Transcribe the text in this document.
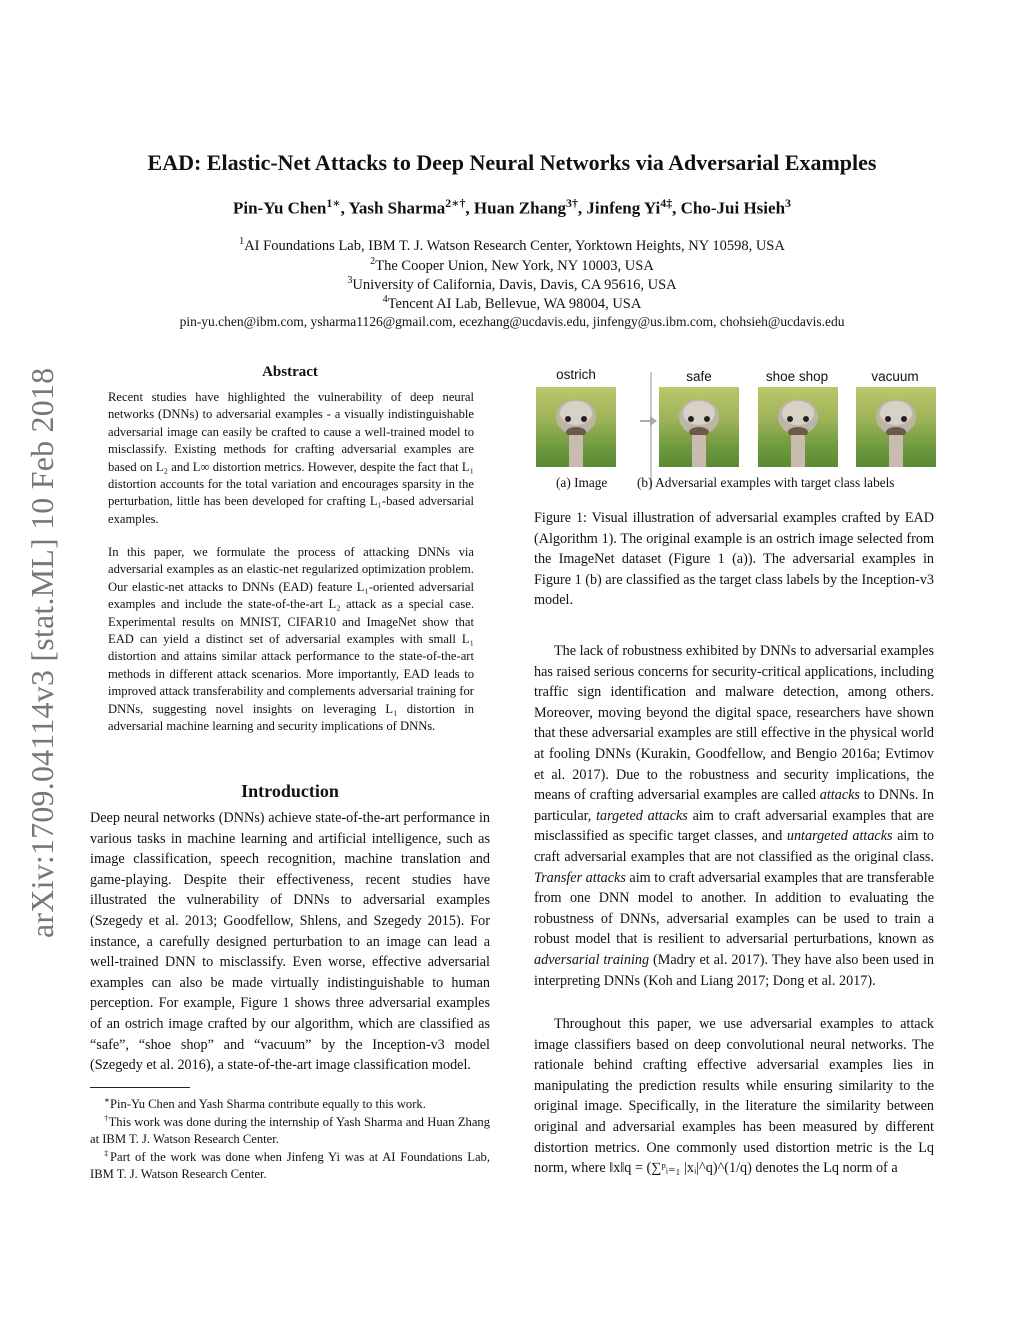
arXiv:1709.04114v3 [stat.ML] 10 Feb 2018
EAD: Elastic-Net Attacks to Deep Neural Networks via Adversarial Examples
Pin-Yu Chen$^{1∗}$, Yash Sharma$^{2∗\dagger}$, Huan Zhang$^{3\dagger}$, Jinfeng $Yi^{4\ddagger}$, Cho-Jui Hsieh$^3$
$^1$AI Foundations Lab, IBM T. J. Watson Research Center, Yorktown Heights, NY 10598, USA
$^2$The Cooper Union, New York, NY 10003, USA
$^3$University of California, Davis, Davis, CA 95616, USA
$^4$Tencent AI Lab, Bellevue, WA 98004, USA
pin-yu.chen@ibm.com, ysharma1126@gmail.com, ecezhang@ucdavis.edu, jinfengy@us.ibm.com, chohsieh@ucdavis.edu
Abstract
Recent studies have highlighted the vulnerability of deep neural networks (DNNs) to adversarial examples - a visually indistinguishable adversarial image can easily be crafted to cause a well-trained model to misclassify. Existing methods for crafting adversarial examples are based on L₂ and L∞ distortion metrics. However, despite the fact that L₁ distortion accounts for the total variation and encourages sparsity in the perturbation, little has been developed for crafting L₁-based adversarial examples.
In this paper, we formulate the process of attacking DNNs via adversarial examples as an elastic-net regularized optimization problem. Our elastic-net attacks to DNNs (EAD) feature L₁-oriented adversarial examples and include the state-of-the-art L₂ attack as a special case. Experimental results on MNIST, CIFAR10 and ImageNet show that EAD can yield a distinct set of adversarial examples with small L₁ distortion and attains similar attack performance to the state-of-the-art methods in different attack scenarios. More importantly, EAD leads to improved attack transferability and complements adversarial training for DNNs, suggesting novel insights on leveraging L₁ distortion in adversarial machine learning and security implications of DNNs.
Introduction
Deep neural networks (DNNs) achieve state-of-the-art performance in various tasks in machine learning and artificial intelligence, such as image classification, speech recognition, machine translation and game-playing. Despite their effectiveness, recent studies have illustrated the vulnerability of DNNs to adversarial examples (Szegedy et al. 2013; Goodfellow, Shlens, and Szegedy 2015). For instance, a carefully designed perturbation to an image can lead a well-trained DNN to misclassify. Even worse, effective adversarial examples can also be made virtually indistinguishable to human perception. For example, Figure 1 shows three adversarial examples of an ostrich image crafted by our algorithm, which are classified as “safe”, “shoe shop” and “vacuum” by the Inception-v3 model (Szegedy et al. 2016), a state-of-the-art image classification model.
∗Pin-Yu Chen and Yash Sharma contribute equally to this work.
†This work was done during the internship of Yash Sharma and Huan Zhang at IBM T. J. Watson Research Center.
‡Part of the work was done when Jinfeng Yi was at AI Foundations Lab, IBM T. J. Watson Research Center.
ostrich	safe	shoe shop	vacuum
(a) Image (b) Adversarial examples with target class labels
Figure 1: Visual illustration of adversarial examples crafted by EAD (Algorithm 1). The original example is an ostrich image selected from the ImageNet dataset (Figure 1 (a)). The adversarial examples in Figure 1 (b) are classified as the target class labels by the Inception-v3 model.
The lack of robustness exhibited by DNNs to adversarial examples has raised serious concerns for security-critical applications, including traffic sign identification and malware detection, among others. Moreover, moving beyond the digital space, researchers have shown that these adversarial examples are still effective in the physical world at fooling DNNs (Kurakin, Goodfellow, and Bengio 2016a; Evtimov et al. 2017). Due to the robustness and security implications, the means of crafting adversarial examples are called attacks to DNNs. In particular, targeted attacks aim to craft adversarial examples that are misclassified as specific target classes, and untargeted attacks aim to craft adversarial examples that are not classified as the original class. Transfer attacks aim to craft adversarial examples that are transferable from one DNN model to another. In addition to evaluating the robustness of DNNs, adversarial examples can be used to train a robust model that is resilient to adversarial perturbations, known as adversarial training (Madry et al. 2017). They have also been used in interpreting DNNs (Koh and Liang 2017; Dong et al. 2017).
Throughout this paper, we use adversarial examples to attack image classifiers based on deep convolutional neural networks. The rationale behind crafting effective adversarial examples lies in manipulating the prediction results while ensuring similarity to the original image. Specifically, in the literature the similarity between original and adversarial examples has been measured by different distortion metrics. One commonly used distortion metric is the Lq norm, where ‖x‖q = (∑ᵖᵢ₌₁ |xᵢ|^q)^(1/q) denotes the Lq norm of a
